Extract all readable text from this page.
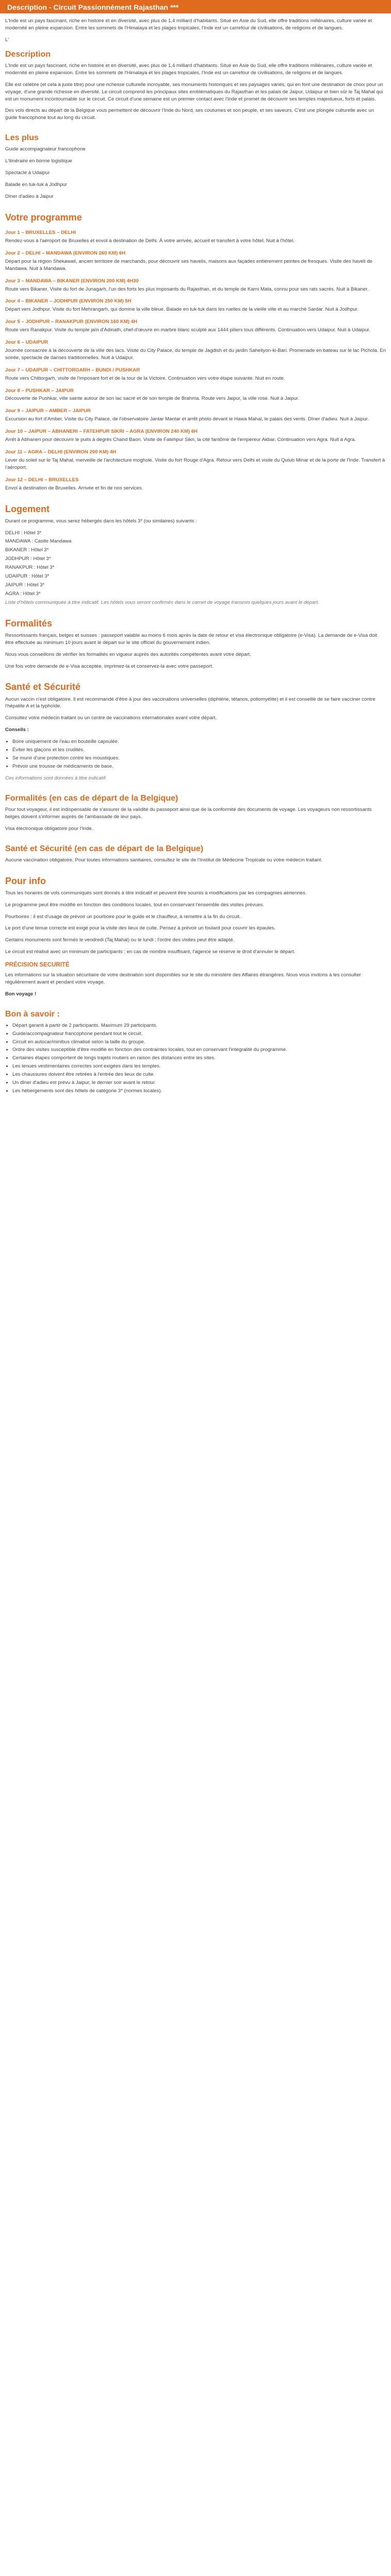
Description - Circuit Passionnément Rajasthan ***

L'Inde est un pays fascinant, riche en histoire et en diversité, avec plus de 1,4 milliard d'habitants. Situé en Asie du Sud, elle offre traditions millénaires, culture variée et modernité en pleine expansion. Entre les sommets de l'Himalaya et les plages tropicales, l'Inde est un carrefour de civilisations, de religions et de langues.

L'

Description

L'Inde est un pays fascinant, riche en histoire et en diversité, avec plus de 1,4 milliard d'habitants. Situé en Asie du Sud, elle offre traditions millénaires, culture variée et modernité en pleine expansion. Entre les sommets de l'Himalaya et les plages tropicales, l'Inde est un carrefour de civilisations, de religions et de langues.

Elle est célèbre (et cela à juste titre) pour une richesse culturelle incroyable, ses monuments historiques et ses paysages variés, qui en font une destination de choix pour un voyage, d'une grande richesse en diversité. Le circuit comprend les principaux sites emblématiques du Rajasthan et les palais de Jaipur, Udaipur et bien sûr le Taj Mahal qui est un monument incontournable sur le circuit. Ce circuit d'une semaine est un premier contact avec l'Inde et promet de découvrir ses temples majestueux, forts et palais.

Des vols directs au départ de la Belgique vous permettent de découvrir l'Inde du Nord, ses coutumes et son peuple, et ses saveurs. C'est une plongée culturelle avec un guide francophone tout au long du circuit.

Les plus

Guide accompagnateur francophone

L'itinéraire en bonne logistique

Spectacle à Udaipur

Balade en tuk-tuk à Jodhpur

Dîner d'adieu à Jaipur

Votre programme
Jour 1 – BRUXELLES – DELHI

Rendez-vous à l'aéroport de Bruxelles et envol à destination de Delhi. À votre arrivée, accueil et transfert à votre hôtel. Nuit à l'hôtel.

Jour 2 – DELHI – MANDAWA (ENVIRON 260 KM) 6H

Départ pour la région Shekawati, ancien territoire de marchands, pour découvrir ses havelis, maisons aux façades entièrement peintes de fresques. Visite des haveli de Mandawa. Nuit à Mandawa.

Jour 3 – MANDAWA – BIKANER (ENVIRON 200 KM) 4H30

Route vers Bikaner. Visite du fort de Junagarh, l'un des forts les plus imposants du Rajasthan, et du temple de Karni Mata, connu pour ses rats sacrés. Nuit à Bikaner.

Jour 4 – BIKANER – JODHPUR (ENVIRON 250 KM) 5H

Départ vers Jodhpur. Visite du fort Mehrangarh, qui domine la ville bleue. Balade en tuk-tuk dans les ruelles de la vieille ville et au marché Sardar. Nuit à Jodhpur.

Jour 5 – JODHPUR – RANAKPUR (ENVIRON 160 KM) 4H

Route vers Ranakpur. Visite du temple jaïn d'Adinath, chef-d'œuvre en marbre blanc sculpté aux 1444 piliers tous différents. Continuation vers Udaipur. Nuit à Udaipur.

Jour 6 – UDAIPUR

Journée consacrée à la découverte de la ville des lacs. Visite du City Palace, du temple de Jagdish et du jardin Saheliyon-ki-Bari. Promenade en bateau sur le lac Pichola. En soirée, spectacle de danses traditionnelles. Nuit à Udaipur.

Jour 7 – UDAIPUR – CHITTORGARH – BUNDI / PUSHKAR

Route vers Chittorgarh, visite de l'imposant fort et de la tour de la Victoire. Continuation vers votre étape suivante. Nuit en route.

Jour 8 – PUSHKAR – JAIPUR

Découverte de Pushkar, ville sainte autour de son lac sacré et de son temple de Brahma. Route vers Jaipur, la ville rose. Nuit à Jaipur.

Jour 9 – JAIPUR – AMBER – JAIPUR

Excursion au fort d'Amber. Visite du City Palace, de l'observatoire Jantar Mantar et arrêt photo devant le Hawa Mahal, le palais des vents. Dîner d'adieu. Nuit à Jaipur.

Jour 10 – JAIPUR – ABHANERI – FATEHPUR SIKRI – AGRA (ENVIRON 240 KM) 6H

Arrêt à Abhaneri pour découvrir le puits à degrés Chand Baori. Visite de Fatehpur Sikri, la cité fantôme de l'empereur Akbar. Continuation vers Agra. Nuit à Agra.

Jour 11 – AGRA – DELHI (ENVIRON 200 KM) 4H

Lever du soleil sur le Taj Mahal, merveille de l'architecture moghole. Visite du fort Rouge d'Agra. Retour vers Delhi et visite du Qutub Minar et de la porte de l'Inde. Transfert à l'aéroport.

Jour 12 – DELHI – BRUXELLES

Envol à destination de Bruxelles. Arrivée et fin de nos services.

Logement

Durant ce programme, vous serez hébergés dans les hôtels 3* (ou similaires) suivants :

DELHI : Hôtel 3*

MANDAWA : Castle Mandawa

BIKANER : Hôtel 3*

JODHPUR : Hôtel 3*

RANAKPUR : Hôtel 3*

UDAIPUR : Hôtel 3*

JAIPUR : Hôtel 3*

AGRA : Hôtel 3*

Liste d'hôtels communiquée à titre indicatif. Les hôtels vous seront confirmés dans le carnet de voyage transmis quelques jours avant le départ.

Formalités

Ressortissants français, belges et suisses : passeport valable au moins 6 mois après la date de retour et visa électronique obligatoire (e-Visa). La demande de e-Visa doit être effectuée au minimum 10 jours avant le départ sur le site officiel du gouvernement indien.

Nous vous conseillons de vérifier les formalités en vigueur auprès des autorités compétentes avant votre départ.

Une fois votre demande de e-Visa acceptée, imprimez-la et conservez-la avec votre passeport.

Santé et Sécurité

Aucun vaccin n'est obligatoire. Il est recommandé d'être à jour des vaccinations universelles (diphtérie, tétanos, poliomyélite) et il est conseillé de se faire vacciner contre l'hépatite A et la typhoïde.

Consultez votre médecin traitant ou un centre de vaccinations internationales avant votre départ.

Conseils :

• Boire uniquement de l'eau en bouteille capsulée.
• Éviter les glaçons et les crudités.
• Se munir d'une protection contre les moustiques.
• Prévoir une trousse de médicaments de base.

Ces informations sont données à titre indicatif.

Formalités (en cas de départ de la Belgique)

Pour tout voyageur, il est indispensable de s'assurer de la validité du passeport ainsi que de la conformité des documents de voyage. Les voyageurs non ressortissants belges doivent s'informer auprès de l'ambassade de leur pays.

Visa électronique obligatoire pour l'Inde.

Santé et Sécurité (en cas de départ de la Belgique)

Aucune vaccination obligatoire. Pour toutes informations sanitaires, consultez le site de l'Institut de Médecine Tropicale ou votre médecin traitant.

Pour info

Tous les horaires de vols communiqués sont donnés à titre indicatif et peuvent être soumis à modifications par les compagnies aériennes.

Le programme peut être modifié en fonction des conditions locales, tout en conservant l'ensemble des visites prévues.

Pourboires : il est d'usage de prévoir un pourboire pour le guide et le chauffeur, à remettre à la fin du circuit.

Le port d'une tenue correcte est exigé pour la visite des lieux de culte. Pensez à prévoir un foulard pour couvrir les épaules.

Certains monuments sont fermés le vendredi (Taj Mahal) ou le lundi ; l'ordre des visites peut être adapté.

Le circuit est réalisé avec un minimum de participants ; en cas de nombre insuffisant, l'agence se réserve le droit d'annuler le départ.

PRÉCISION SECURITÉ

Les informations sur la situation sécuritaire de votre destination sont disponibles sur le site du ministère des Affaires étrangères. Nous vous invitons à les consulter régulièrement avant et pendant votre voyage.

Bon voyage !

Bon à savoir :
• Départ garanti à partir de 2 participants. Maximum 29 participants.
• Guide/accompagnateur francophone pendant tout le circuit.
• Circuit en autocar/minibus climatisé selon la taille du groupe.
• Ordre des visites susceptible d'être modifié en fonction des contraintes locales, tout en conservant l'intégralité du programme.
• Certaines étapes comportent de longs trajets routiers en raison des distances entre les sites.
• Les tenues vestimentaires correctes sont exigées dans les temples.
• Les chaussures doivent être retirées à l'entrée des lieux de culte.
• Un dîner d'adieu est prévu à Jaipur, le dernier soir avant le retour.
• Les hébergements sont des hôtels de catégorie 3* (normes locales).
